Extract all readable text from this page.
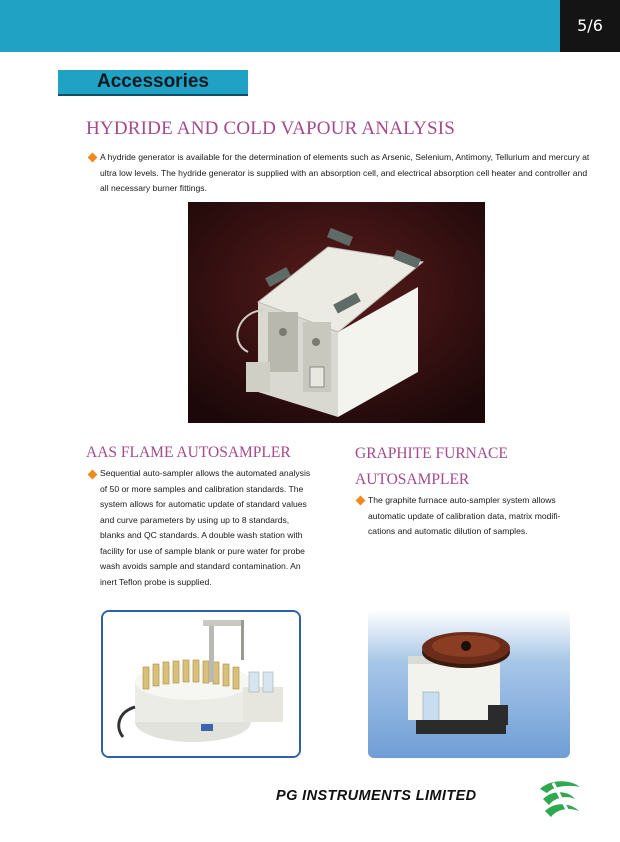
5/6
Accessories
HYDRIDE AND COLD VAPOUR ANALYSIS

A hydride generator is available for the determination of elements such as Arsenic, Selenium, Antimony, Tellurium and mercury at ultra low levels. The hydride generator is supplied with an absorption cell, and electrical absorption cell heater and controller and all necessary burner fittings.

AAS FLAME AUTOSAMPLER

Sequential auto-sampler allows the automated analysis of 50 or more samples and calibration standards. The system allows for automatic update of standard values and curve parameters by using up to 8 standards, blanks and QC standards. A double wash station with facility for use of sample blank or pure water for probe wash avoids sample and standard contamination. An inert Teflon probe is supplied.

GRAPHITE FURNACE AUTOSAMPLER

The graphite furnace auto-sampler system allows automatic update of calibration data, matrix modifi-cations and automatic dilution of samples.

PG INSTRUMENTS LIMITED
